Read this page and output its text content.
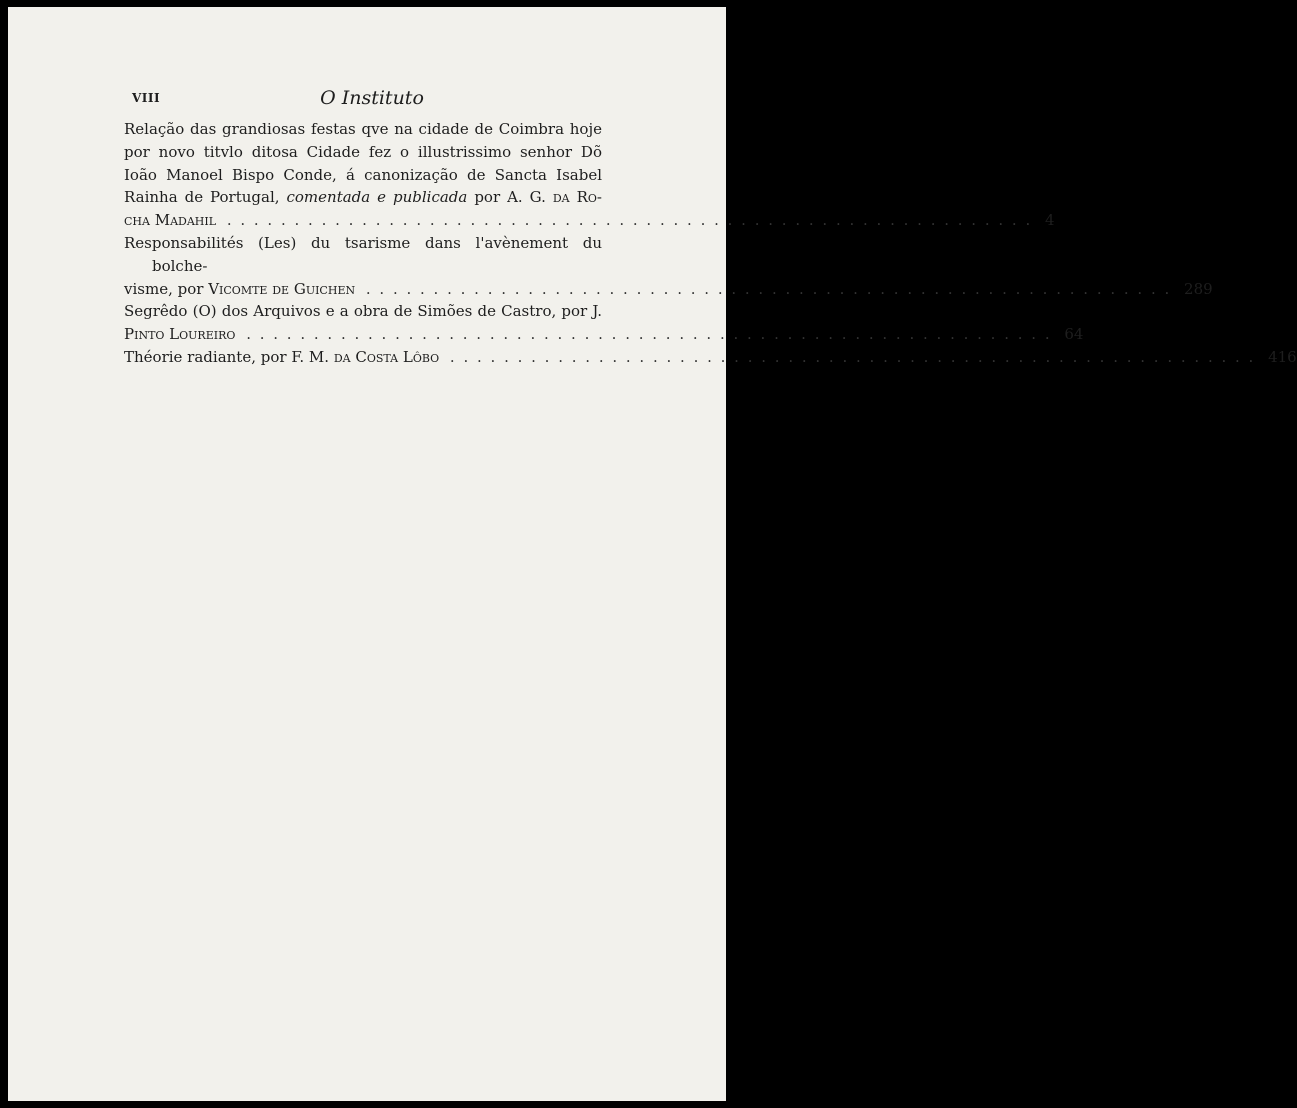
VIII	O Instituto
Relação das grandiosas festas qve na cidade de Coimbra hoje
por novo titvlo ditosa Cidade fez o illustrissimo senhor Dõ
Ioão Manoel Bispo Conde, á canonização de Sancta Isabel
Rainha de Portugal, comentada e publicada por A. G. da Ro-
cha Madahil . . .	4
Responsabilités (Les) du tsarisme dans l'avènement du bolche-
visme, por Vicomte de Guichen . . .	289
Segrêdo (O) dos Arquivos e a obra de Simões de Castro, por J.
Pinto Loureiro . . .	64
Théorie radiante, por F. M. da Costa Lôbo . . .	416
